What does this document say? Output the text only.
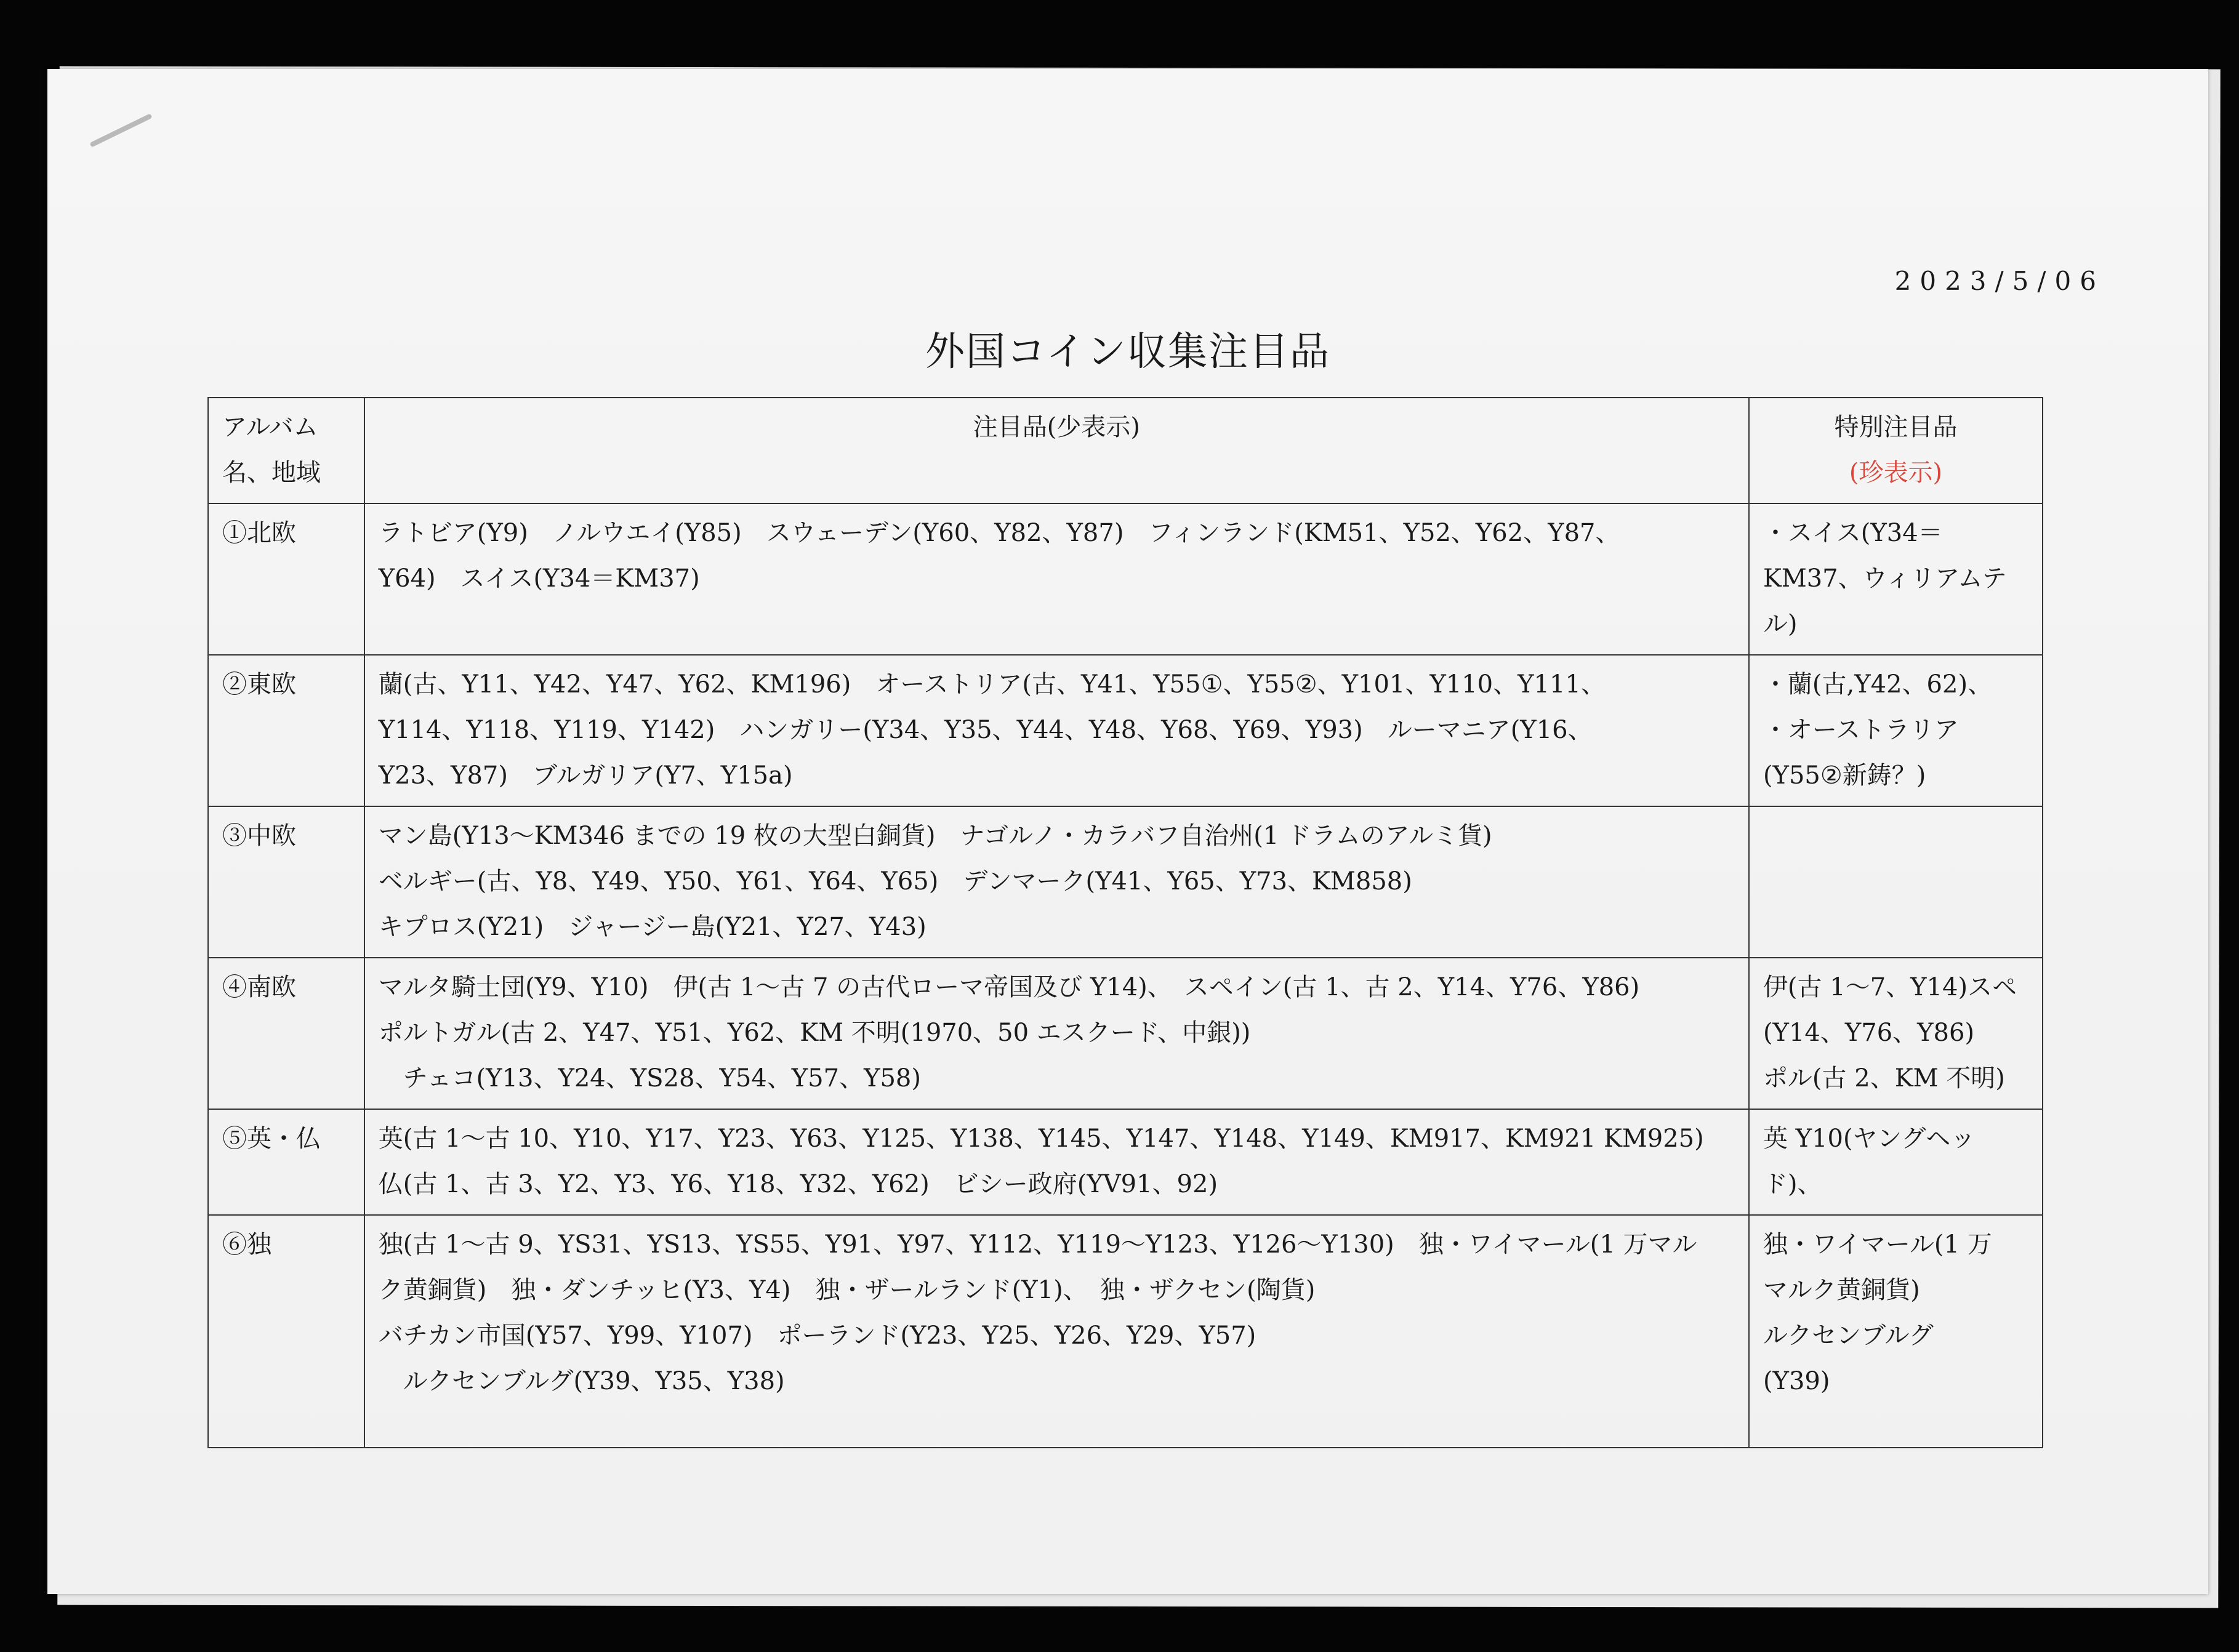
2023/5/06
外国コイン収集注目品
アルバム
名、地域	注目品(少表示)	特別注目品
(珍表示)

①北欧	ラトビア(Y9)　ノルウエイ(Y85)　スウェーデン(Y60、Y82、Y87)　フィンランド(KM51、Y52、Y62、Y87、
Y64)　スイス(Y34＝KM37)	・スイス(Y34＝
KM37、ウィリアムテ
ル)

②東欧	蘭(古、Y11、Y42、Y47、Y62、KM196)　オーストリア(古、Y41、Y55①、Y55②、Y101、Y110、Y111、
Y114、Y118、Y119、Y142)　ハンガリー(Y34、Y35、Y44、Y48、Y68、Y69、Y93)　ルーマニア(Y16、
Y23、Y87)　ブルガリア(Y7、Y15a)	・蘭(古,Y42、62)、
・オーストラリア
(Y55②新鋳？)

③中欧	マン島(Y13～KM346 までの 19 枚の大型白銅貨)　ナゴルノ・カラバフ自治州(1 ドラムのアルミ貨)
ベルギー(古、Y8、Y49、Y50、Y61、Y64、Y65)　デンマーク(Y41、Y65、Y73、KM858)
キプロス(Y21)　ジャージー島(Y21、Y27、Y43)	

④南欧	マルタ騎士団(Y9、Y10)　伊(古 1～古 7 の古代ローマ帝国及び Y14)、　スペイン(古 1、古 2、Y14、Y76、Y86)
ポルトガル(古 2、Y47、Y51、Y62、KM 不明(1970、50 エスクード、中銀))
チェコ(Y13、Y24、YS28、Y54、Y57、Y58)	伊(古 1～7、Y14)スペ
(Y14、Y76、Y86)
ポル(古 2、KM 不明)

⑤英・仏	英(古 1～古 10、Y10、Y17、Y23、Y63、Y125、Y138、Y145、Y147、Y148、Y149、KM917、KM921 KM925)
仏(古 1、古 3、Y2、Y3、Y6、Y18、Y32、Y62)　ビシー政府(YV91、92)	英 Y10(ヤングヘッ
ド)、

⑥独	独(古 1～古 9、YS31、YS13、YS55、Y91、Y97、Y112、Y119～Y123、Y126～Y130)　独・ワイマール(1 万マル
ク黄銅貨)　独・ダンチッヒ(Y3、Y4)　独・ザールランド(Y1)、　独・ザクセン(陶貨)
バチカン市国(Y57、Y99、Y107)　ポーランド(Y23、Y25、Y26、Y29、Y57)
ルクセンブルグ(Y39、Y35、Y38)	独・ワイマール(1 万
マルク黄銅貨)
ルクセンブルグ
(Y39)
